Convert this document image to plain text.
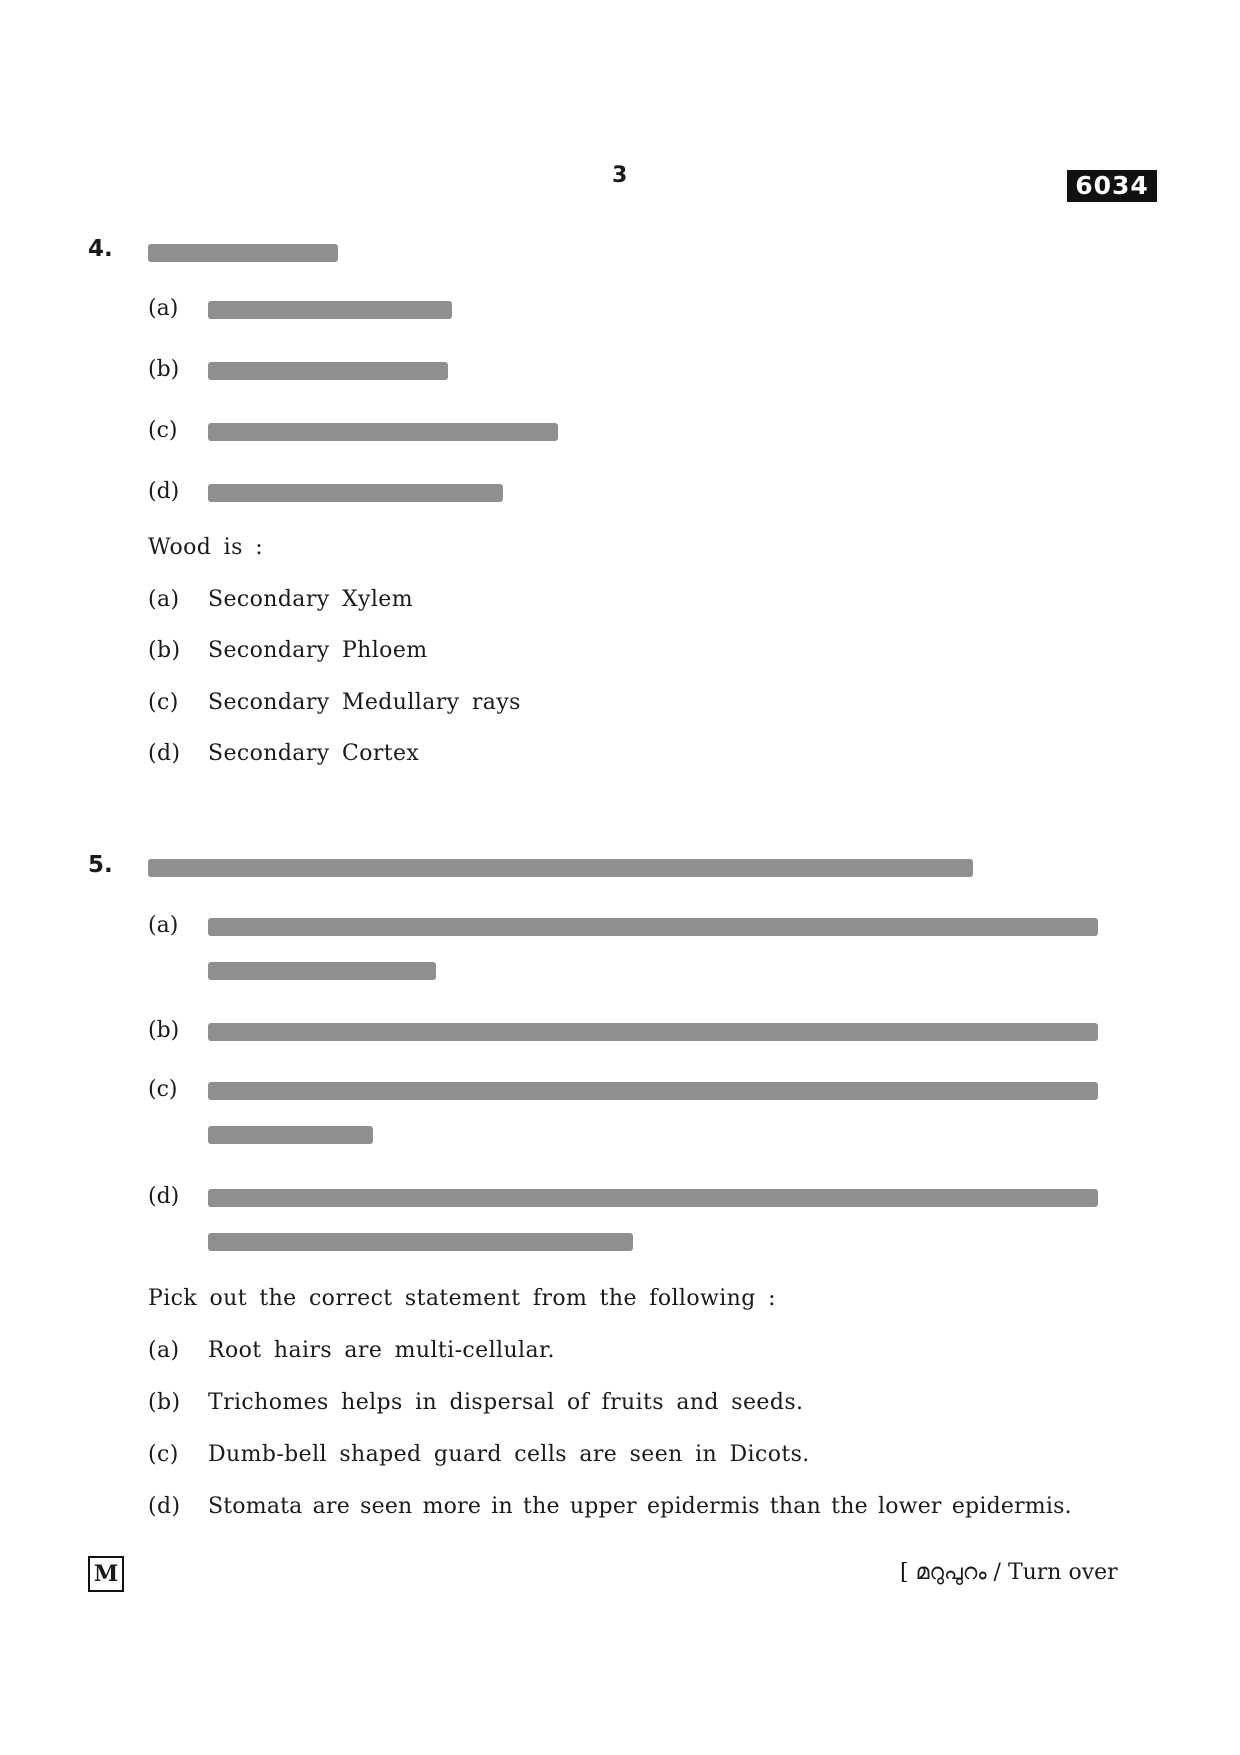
3	6034
4.
(a)
(b)
(c)
(d)
Wood is :
(a) Secondary Xylem
(b) Secondary Phloem
(c) Secondary Medullary rays
(d) Secondary Cortex
5.
(a)
(b)
(c)
(d)
Pick out the correct statement from the following :
(a) Root hairs are multi-cellular.
(b) Trichomes helps in dispersal of fruits and seeds.
(c) Dumb-bell shaped guard cells are seen in Dicots.
(d) Stomata are seen more in the upper epidermis than the lower epidermis.
M	[ മറുപുറം / Turn over
